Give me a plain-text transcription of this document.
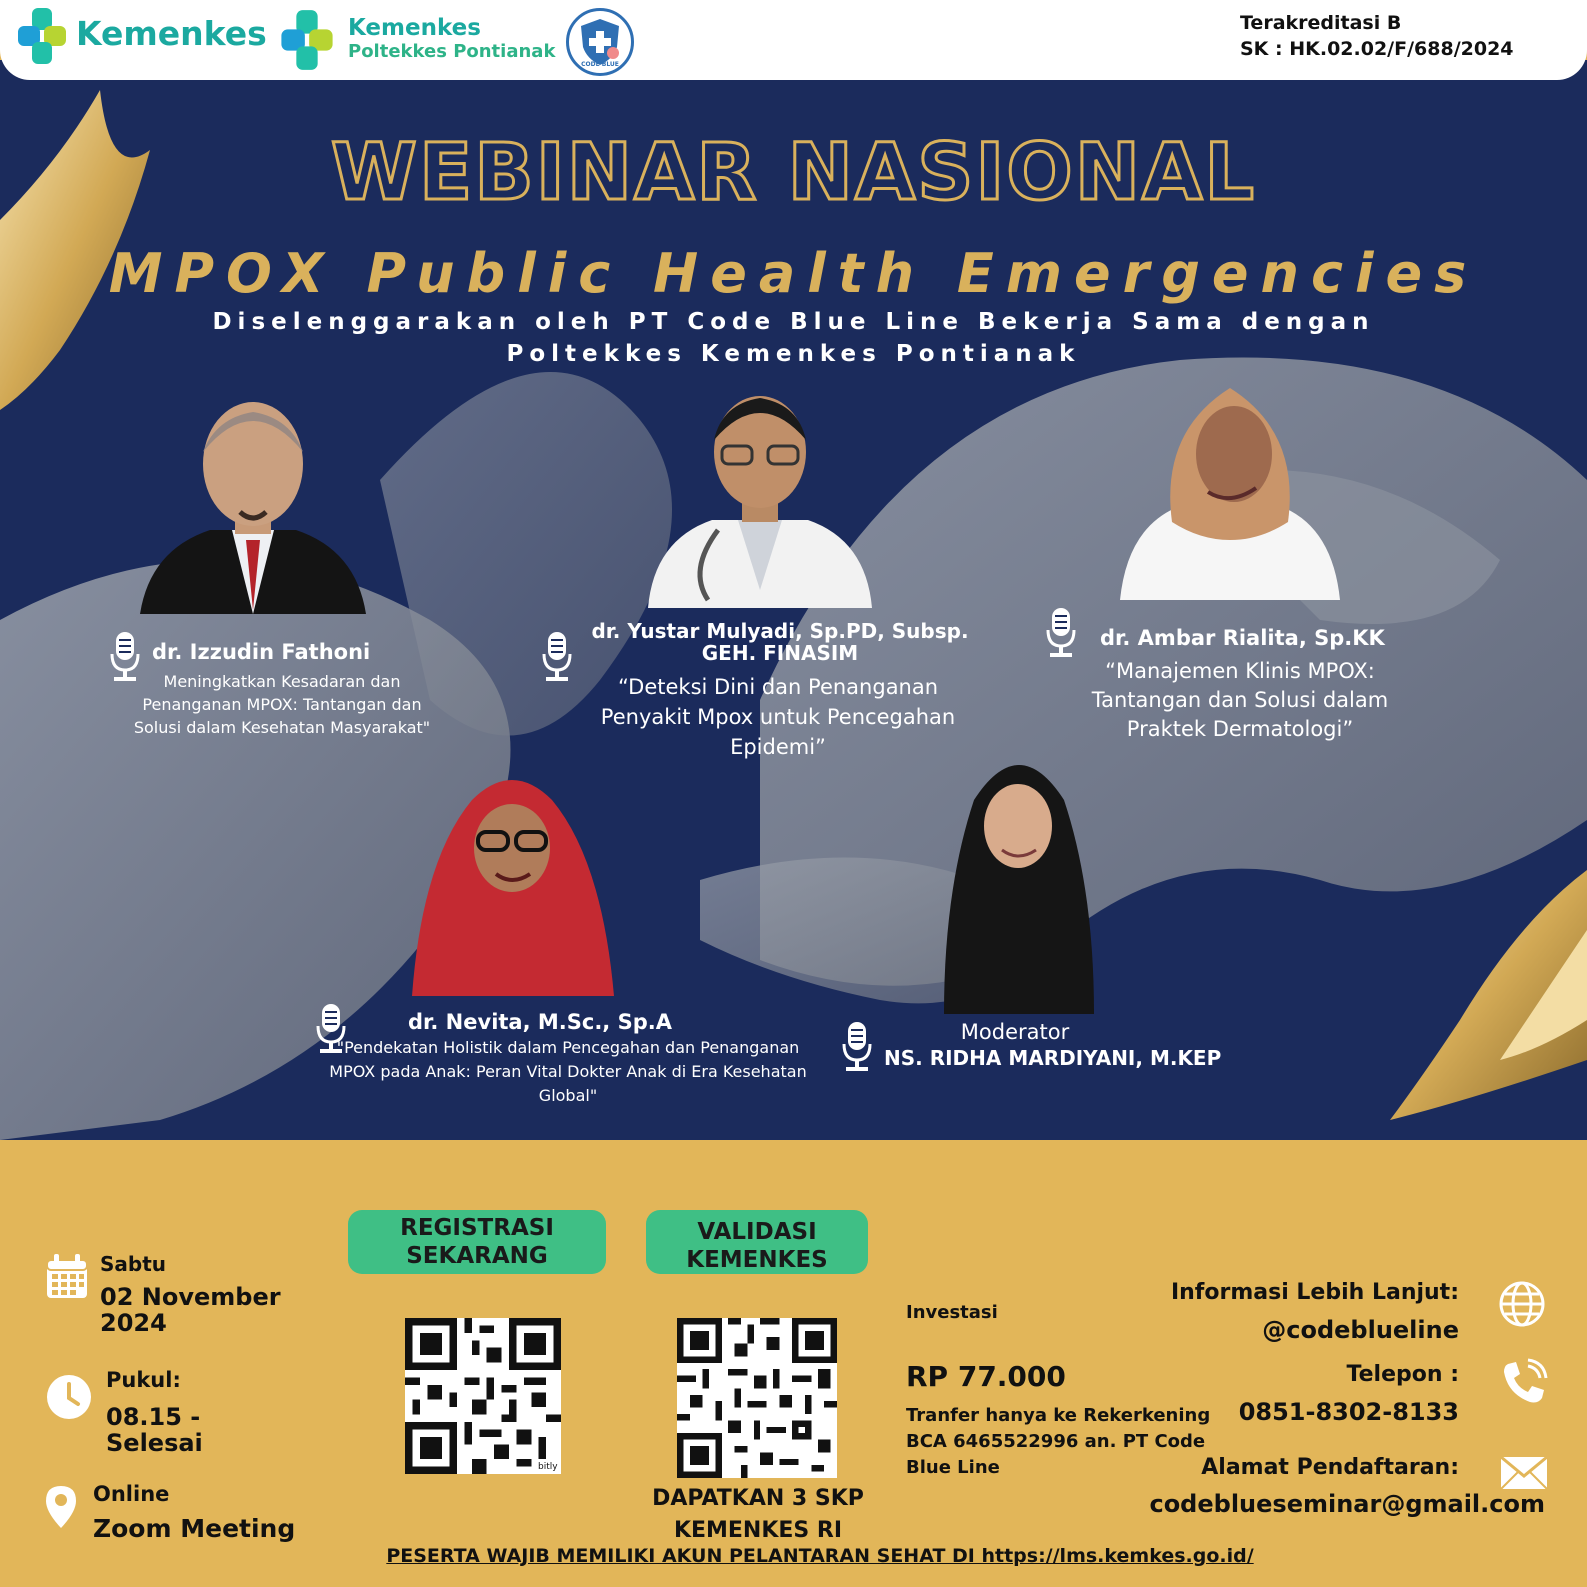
Kemenkes	Kemenkes
Poltekkes Pontianak
CODE BLUE
Terakreditasi B
SK : HK.02.02/F/688/2024
WEBINAR NASIONAL
MPOX Public Health Emergencies
Diselenggarakan oleh PT Code Blue Line Bekerja Sama dengan Poltekkes Kemenkes Pontianak
dr. Izzudin Fathoni
Meningkatkan Kesadaran dan Penanganan MPOX: Tantangan dan Solusi dalam Kesehatan Masyarakat"
dr. Yustar Mulyadi, Sp.PD, Subsp. GEH. FINASIM
“Deteksi Dini dan Penanganan Penyakit Mpox untuk Pencegahan Epidemi”
dr. Ambar Rialita, Sp.KK
“Manajemen Klinis MPOX: Tantangan dan Solusi dalam Praktek Dermatologi”
dr. Nevita, M.Sc., Sp.A
"Pendekatan Holistik dalam Pencegahan dan Penanganan MPOX pada Anak: Peran Vital Dokter Anak di Era Kesehatan Global"
Moderator
NS. RIDHA MARDIYANI, M.KEP
Sabtu
02 November 2024
Pukul:
08.15 - Selesai
Online
Zoom Meeting
REGISTRASI SEKARANG
VALIDASI KEMENKES
bitly
DAPATKAN 3 SKP KEMENKES RI
Investasi
RP 77.000
Tranfer hanya ke Rekerkening BCA 6465522996 an. PT Code Blue Line
Informasi Lebih Lanjut:
@codeblueline
Telepon :
0851-8302-8133
Alamat Pendaftaran:
codeblueseminar@gmail.com
PESERTA WAJIB MEMILIKI AKUN PELANTARAN SEHAT DI https://lms.kemkes.go.id/
